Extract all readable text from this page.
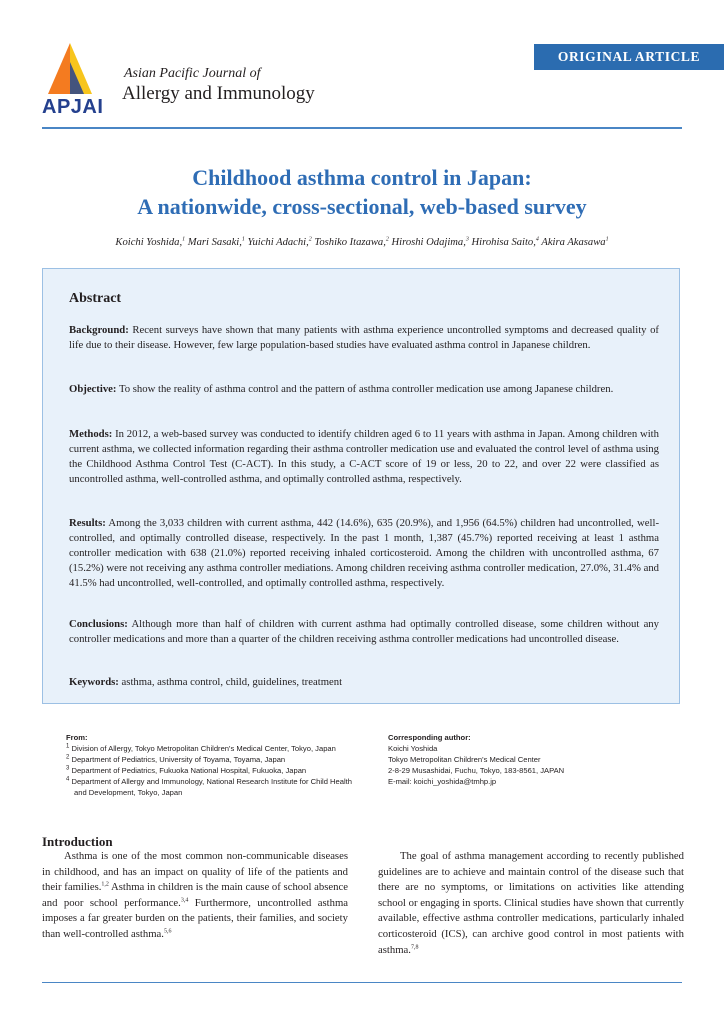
APJAI
Asian Pacific Journal of
Allergy and Immunology
ORIGINAL ARTICLE
Childhood asthma control in Japan:
A nationwide, cross-sectional, web-based survey
Koichi Yoshida,$^1$ Mari Sasaki,$^1$ Yuichi Adachi,$^2$ Toshiko Itazawa,$^2$ Hiroshi Odajima,$^3$ Hirohisa Saito,$^4$ Akira Akasawa$^1$
Abstract
Background: Recent surveys have shown that many patients with asthma experience uncontrolled symptoms and decreased quality of life due to their disease. However, few large population-based studies have evaluated asthma control in Japanese children.
Objective: To show the reality of asthma control and the pattern of asthma controller medication use among Japanese children.
Methods: In 2012, a web-based survey was conducted to identify children aged 6 to 11 years with asthma in Japan. Among children with current asthma, we collected information regarding their asthma controller medication use and evaluated the control level of asthma using the Childhood Asthma Control Test (C-ACT). In this study, a C-ACT score of 19 or less, 20 to 22, and over 22 were classified as uncontrolled asthma, well-controlled asthma, and optimally controlled asthma, respectively.
Results: Among the 3,033 children with current asthma, 442 (14.6%), 635 (20.9%), and 1,956 (64.5%) children had uncontrolled, well-controlled, and optimally controlled disease, respectively. In the past 1 month, 1,387 (45.7%) reported receiving at least 1 asthma controller medication with 638 (21.0%) reported receiving inhaled corticosteroid. Among the children with uncontrolled asthma, 67 (15.2%) were not receiving any asthma controller mediations. Among children receiving asthma controller medication, 27.0%, 31.4% and 41.5% had uncontrolled, well-controlled, and optimally controlled asthma, respectively.
Conclusions: Although more than half of children with current asthma had optimally controlled disease, some children without any controller medications and more than a quarter of the children receiving asthma controller medications had uncontrolled disease.
Keywords: asthma, asthma control, child, guidelines, treatment
From:
$^1$ Division of Allergy, Tokyo Metropolitan Children's Medical Center, Tokyo, Japan
$^2$ Department of Pediatrics, University of Toyama, Toyama, Japan
$^3$ Department of Pediatrics, Fukuoka National Hospital, Fukuoka, Japan
$^4$ Department of Allergy and Immunology, National Research Institute for Child Health and Development, Tokyo, Japan
Corresponding author:
Koichi Yoshida
Tokyo Metropolitan Children's Medical Center
2-8-29 Musashidai, Fuchu, Tokyo, 183-8561, JAPAN
E-mail: koichi_yoshida@tmhp.jp
Introduction
Asthma is one of the most common non-communicable diseases in childhood, and has an impact on quality of life of the patients and their families.$^{1,2}$ Asthma in children is the main cause of school absence and poor school performance.$^{3,4}$ Furthermore, uncontrolled asthma imposes a far greater burden on the patients, their families, and society than well-controlled asthma.$^{5,6}$
The goal of asthma management according to recently published guidelines are to achieve and maintain control of the disease such that there are no symptoms, or limitations on activities like attending school or engaging in sports. Clinical studies have shown that currently available, effective asthma controller medications, particularly inhaled corticosteroid (ICS), can archive good control in most patients with asthma.$^{7,8}$
